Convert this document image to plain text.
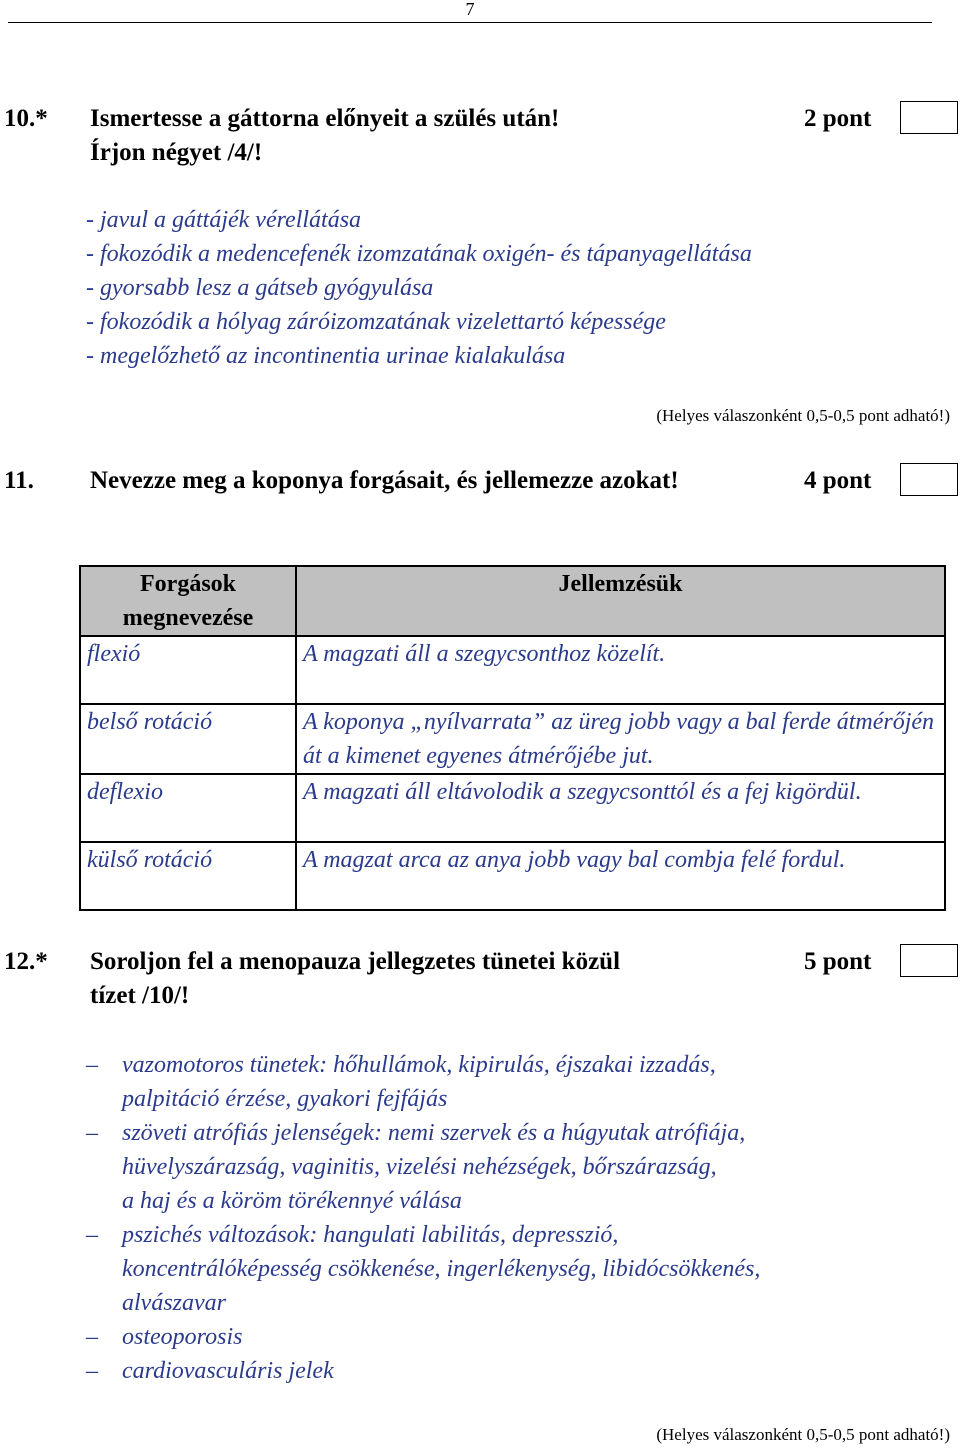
7
10.* Ismertesse a gáttorna előnyeit a szülés után!
Írjon négyet /4/!
2 pont
- javul a gáttájék vérellátása
- fokozódik a medencefenék izomzatának oxigén- és tápanyagellátása
- gyorsabb lesz a gátseb gyógyulása
- fokozódik a hólyag záróizomzatának vizelettartó képessége
- megelőzhető az incontinentia urinae kialakulása
(Helyes válaszonként 0,5-0,5 pont adható!)
11. Nevezze meg a koponya forgásait, és jellemezze azokat!	4 pont
Forgások megnevezése	Jellemzésük
flexió	A magzati áll a szegycsonthoz közelít.
belső rotáció	A koponya „nyílvarrata” az üreg jobb vagy a bal ferde átmérőjén át a kimenet egyenes átmérőjébe jut.
deflexio	A magzati áll eltávolodik a szegycsonttól és a fej kigördül.
külső rotáció	A magzat arca az anya jobb vagy bal combja felé fordul.
12.* Soroljon fel a menopauza jellegzetes tünetei közül
tízet /10/!
5 pont
– vazomotoros tünetek: hőhullámok, kipirulás, éjszakai izzadás,
palpitáció érzése, gyakori fejfájás
– szöveti atrófiás jelenségek: nemi szervek és a húgyutak atrófiája,
hüvelyszárazság, vaginitis, vizelési nehézségek, bőrszárazság,
a haj és a köröm törékennyé válása
– pszichés változások: hangulati labilitás, depresszió,
koncentrálóképesség csökkenése, ingerlékenység, libidócsökkenés,
alvászavar
– osteoporosis
– cardiovasculáris jelek
(Helyes válaszonként 0,5-0,5 pont adható!)
